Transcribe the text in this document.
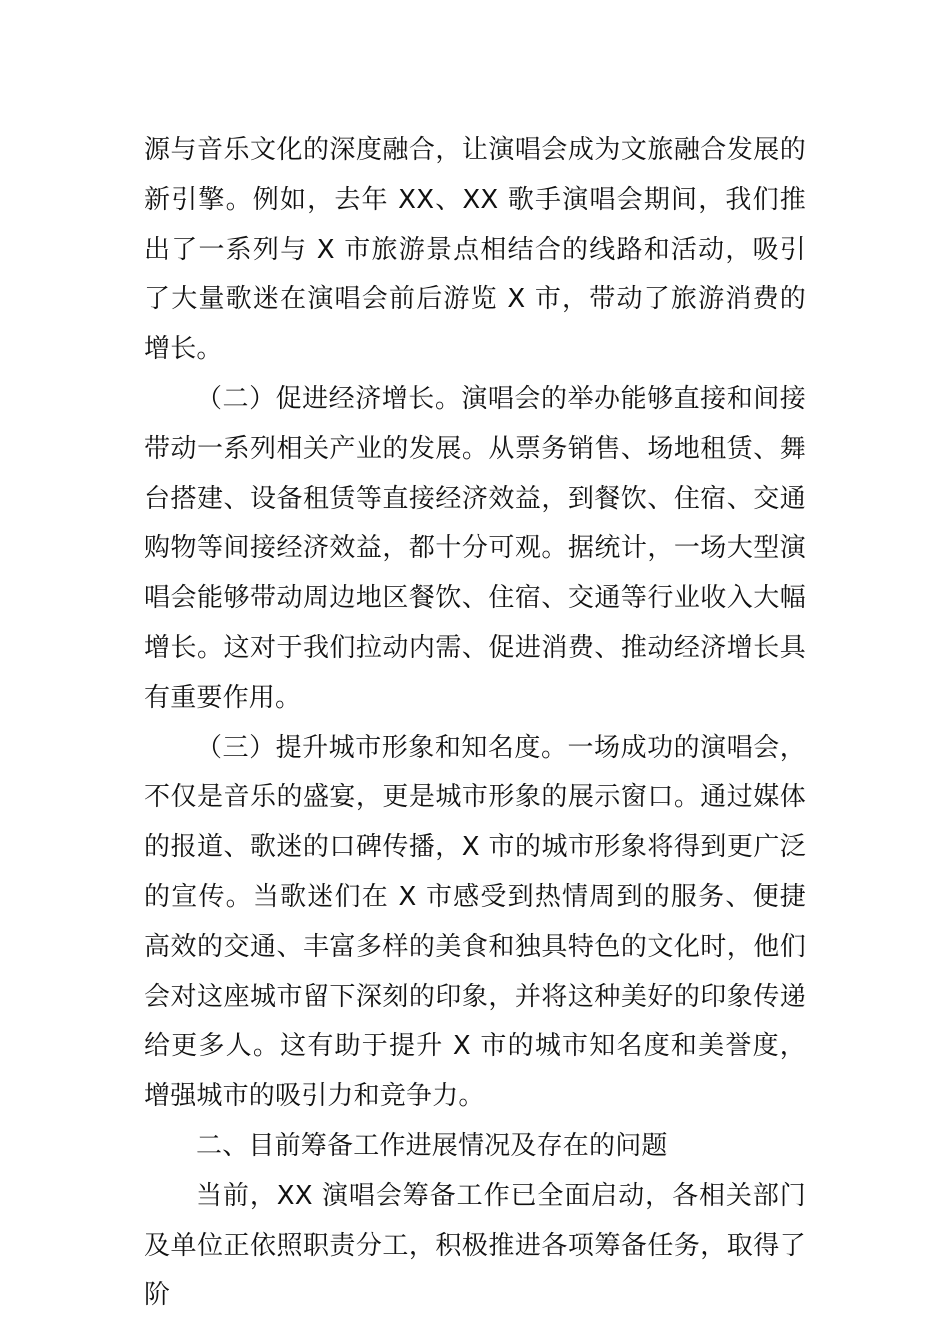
源与音乐文化的深度融合，让演唱会成为文旅融合发展的新引擎。例如，去年 XX、XX 歌手演唱会期间，我们推出了一系列与 X 市旅游景点相结合的线路和活动，吸引了大量歌迷在演唱会前后游览 X 市，带动了旅游消费的增长。

（二）促进经济增长。演唱会的举办能够直接和间接带动一系列相关产业的发展。从票务销售、场地租赁、舞台搭建、设备租赁等直接经济效益，到餐饮、住宿、交通购物等间接经济效益，都十分可观。据统计，一场大型演唱会能够带动周边地区餐饮、住宿、交通等行业收入大幅增长。这对于我们拉动内需、促进消费、推动经济增长具有重要作用。

（三）提升城市形象和知名度。一场成功的演唱会，不仅是音乐的盛宴，更是城市形象的展示窗口。通过媒体的报道、歌迷的口碑传播，X 市的城市形象将得到更广泛的宣传。当歌迷们在 X 市感受到热情周到的服务、便捷高效的交通、丰富多样的美食和独具特色的文化时，他们会对这座城市留下深刻的印象，并将这种美好的印象传递给更多人。这有助于提升 X 市的城市知名度和美誉度，增强城市的吸引力和竞争力。

二、目前筹备工作进展情况及存在的问题

当前，XX 演唱会筹备工作已全面启动，各相关部门及单位正依照职责分工，积极推进各项筹备任务，取得了阶
